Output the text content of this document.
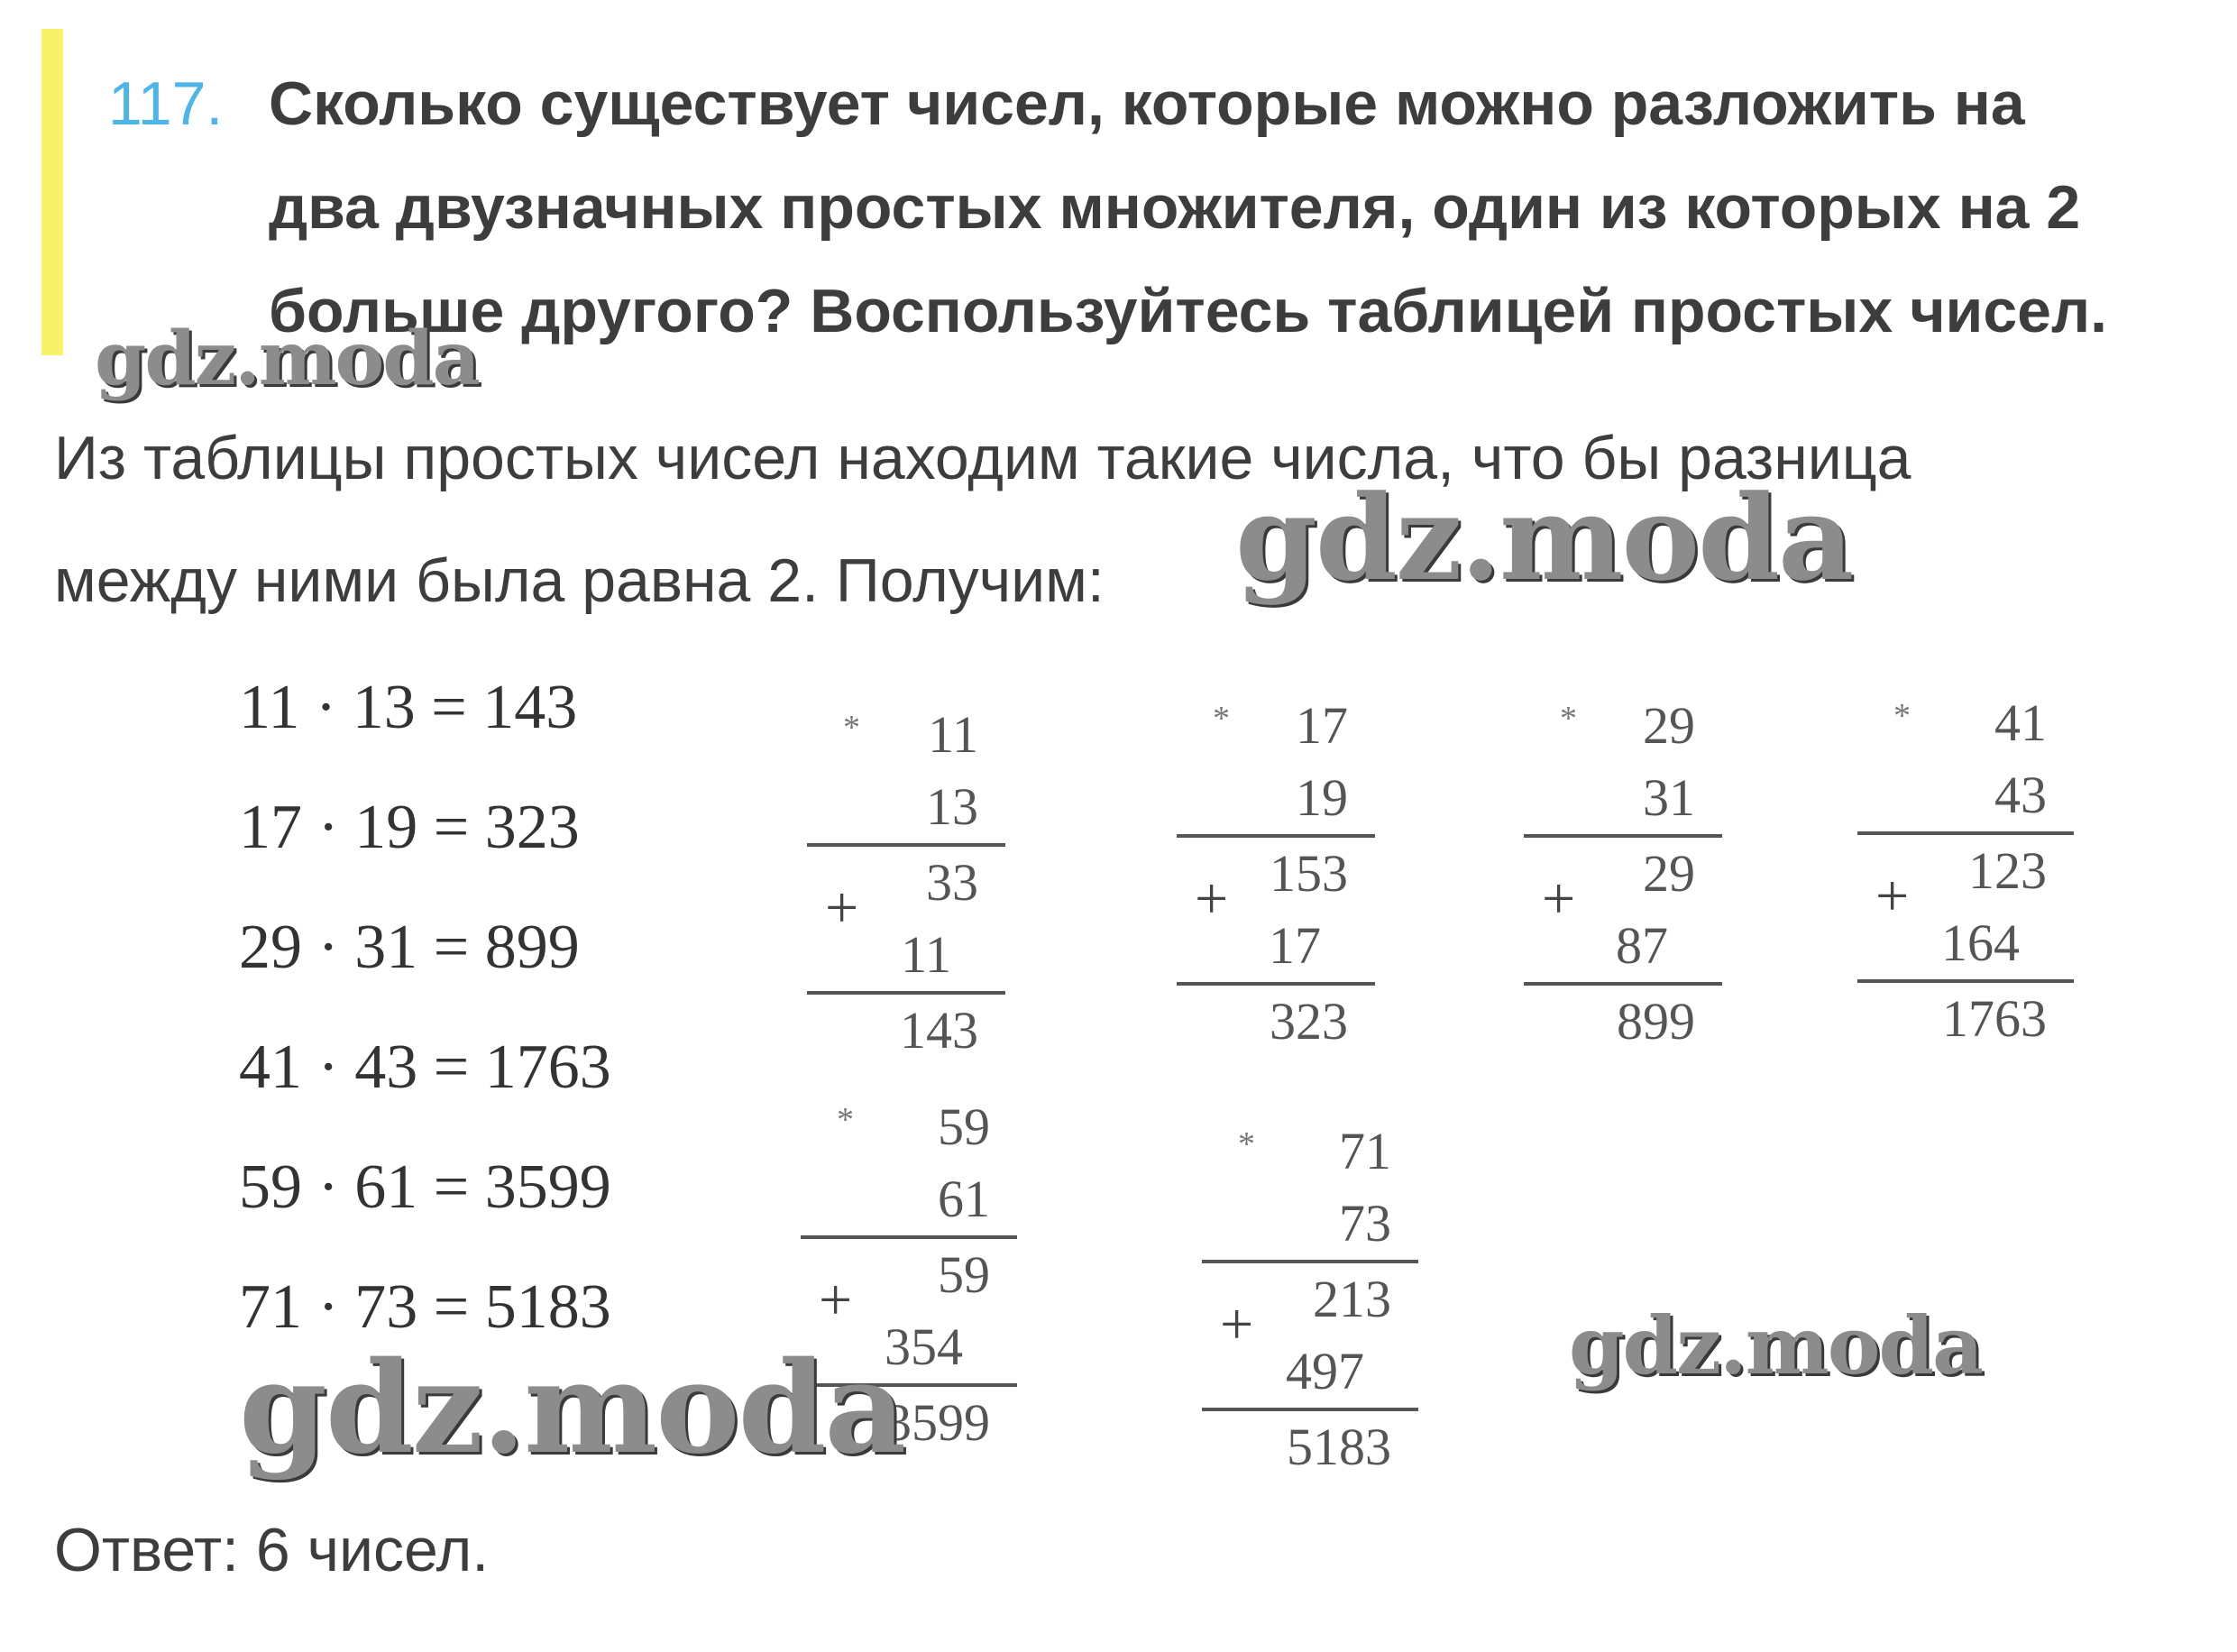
117. Сколько существует чисел, которые можно разложить на
два двузначных простых множителя, один из которых на 2
больше другого? Воспользуйтесь таблицей простых чисел.
Из таблицы простых чисел находим такие числа, что бы разница
между ними была равна 2. Получим:
11 · 13 = 143
17 · 19 = 323
29 · 31 = 899
41 · 43 = 1763
59 · 61 = 3599
71 · 73 = 5183
* 11
13
+	33
11
143
* 17
19
+ 153
17
323
* 29
31
+	29
87
899
* 41
43
+	123
164
1763
* 59
61
+	59
354
3599
* 71
73
+	213
497
5183
Ответ: 6 чисел.
gdz.moda
gdz.moda
gdz.moda	gdz.moda
